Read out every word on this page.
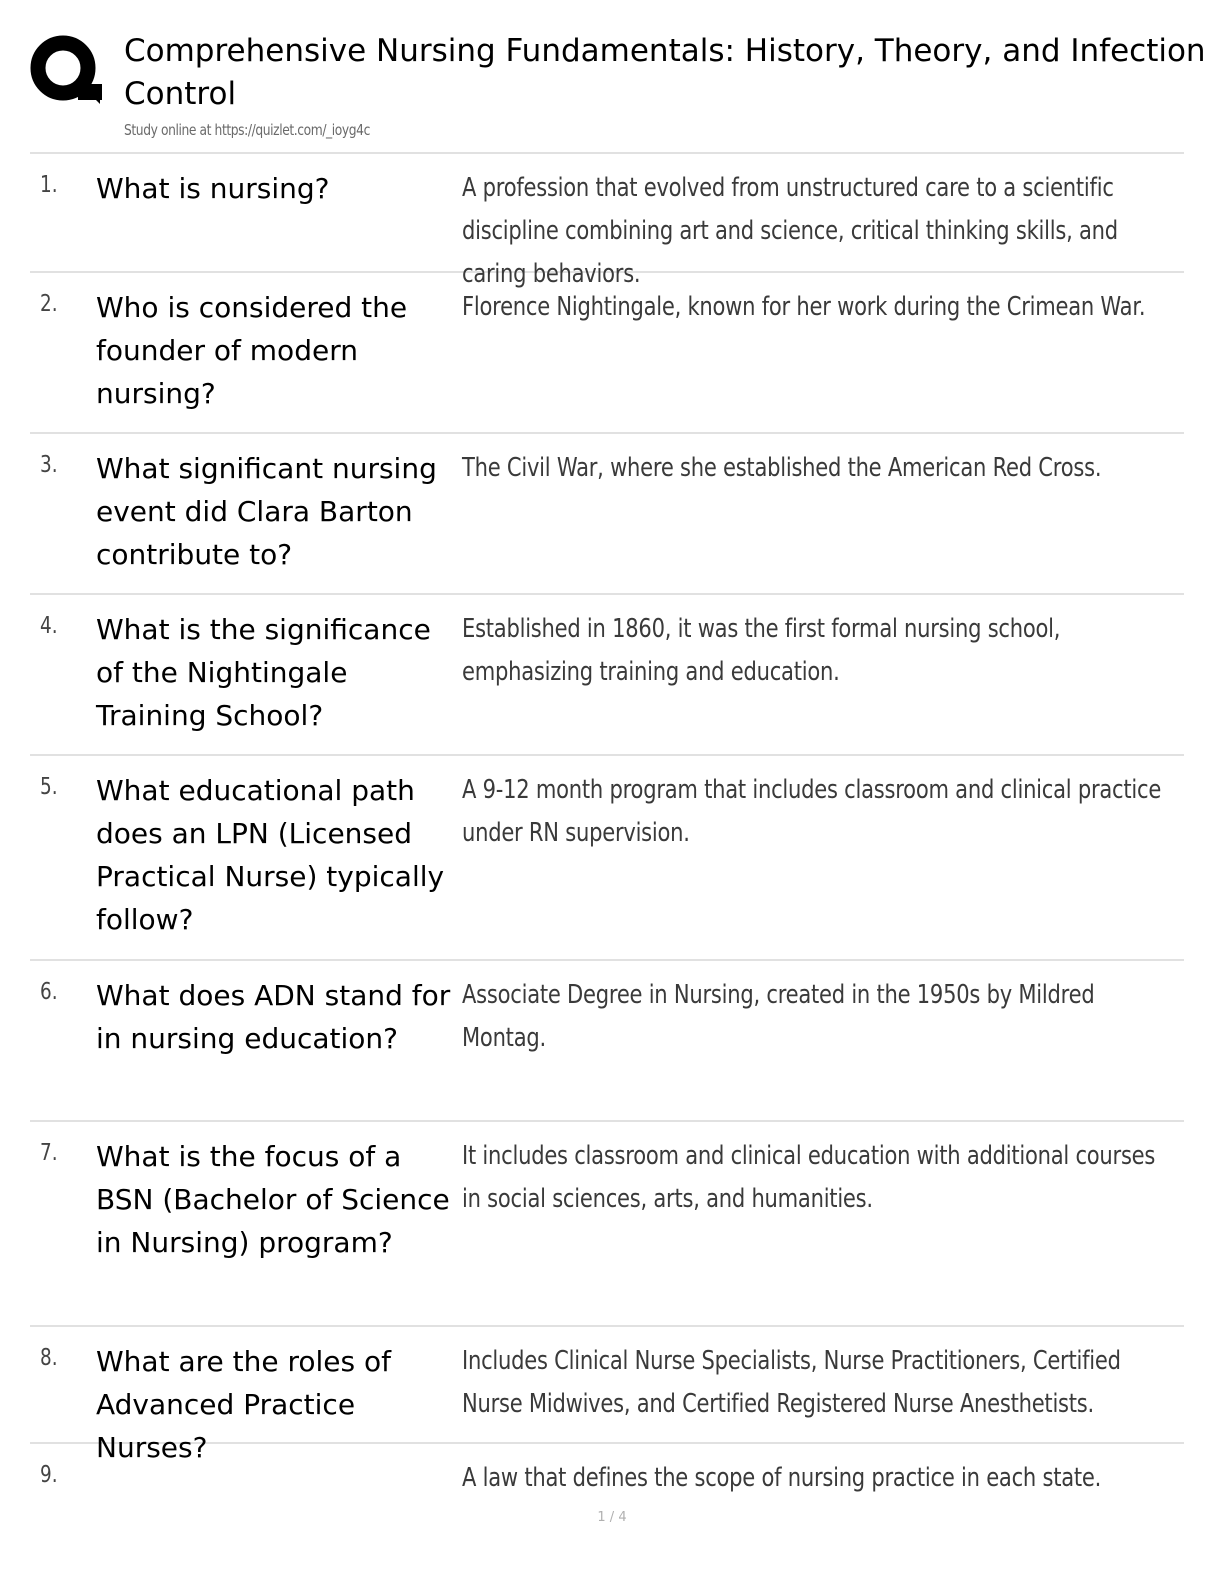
Comprehensive Nursing Fundamentals: History, Theory, and Infection Control
Study online at https://quizlet.com/_ioyg4c
1. What is nursing?	A profession that evolved from unstructured care to a scientific discipline combining art and science, critical thinking skills, and caring behaviors.
2. Who is considered the founder of modern nursing?
Florence Nightingale, known for her work during the Crimean War.
3. What significant nursing event did Clara Barton contribute to?
The Civil War, where she established the American Red Cross.
4. What is the significance of the Nightingale Training School?
Established in 1860, it was the first formal nursing school, emphasizing training and education.
5. What educational path does an LPN (Licensed Practical Nurse) typically follow?
A 9-12 month program that includes classroom and clinical practice under RN supervision.
6. What does ADN stand for in nursing education?
Associate Degree in Nursing, created in the 1950s by Mildred Montag.
7. What is the focus of a BSN (Bachelor of Science in Nursing) program?
It includes classroom and clinical education with additional courses in social sciences, arts, and humanities.
8. What are the roles of Advanced Practice Nurses?
Includes Clinical Nurse Specialists, Nurse Practitioners, Certified Nurse Midwives, and Certified Registered Nurse Anesthetists.
9.	A law that defines the scope of nursing practice in each state.
1 / 4
